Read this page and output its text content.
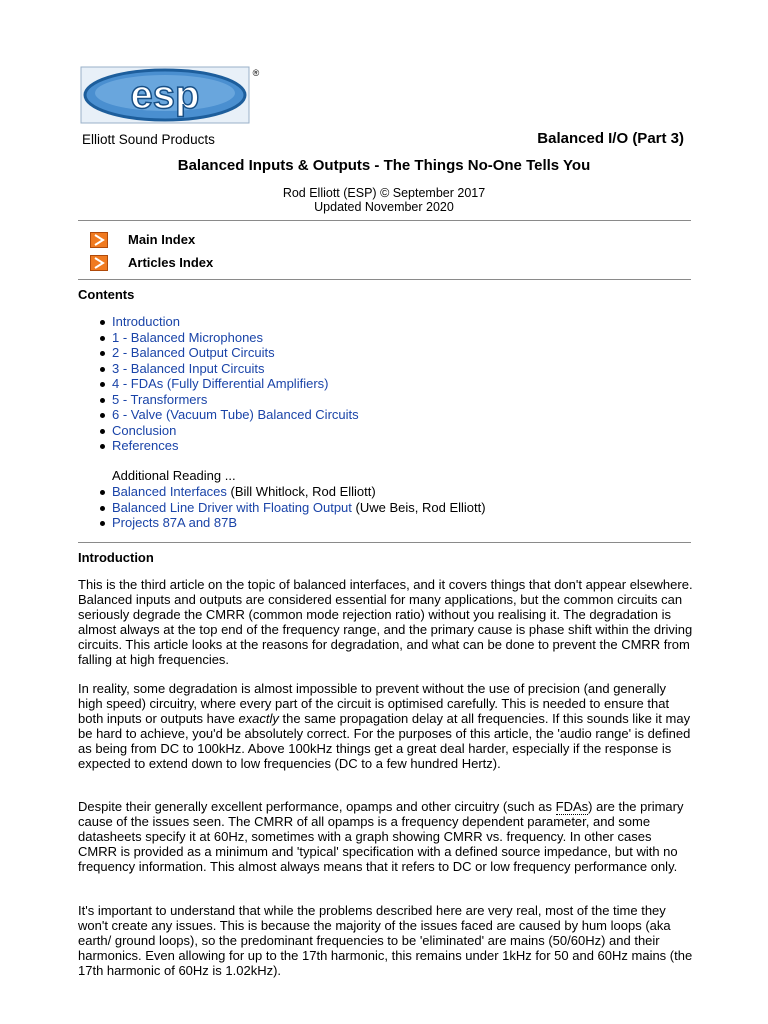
esp	®
Elliott Sound Products	Balanced I/O (Part 3)
Balanced Inputs & Outputs - The Things No-One Tells You
Rod Elliott (ESP) © September 2017
Updated November 2020
Main Index
Articles Index
Contents
Introduction
1 - Balanced Microphones
2 - Balanced Output Circuits
3 - Balanced Input Circuits
4 - FDAs (Fully Differential Amplifiers)
5 - Transformers
6 - Valve (Vacuum Tube) Balanced Circuits
Conclusion
References
Additional Reading ...
Balanced Interfaces (Bill Whitlock, Rod Elliott)
Balanced Line Driver with Floating Output (Uwe Beis, Rod Elliott)
Projects 87A and 87B
Introduction

This is the third article on the topic of balanced interfaces, and it covers things that don't appear elsewhere. Balanced inputs and outputs are considered essential for many applications, but the common circuits can seriously degrade the CMRR (common mode rejection ratio) without you realising it. The degradation is almost always at the top end of the frequency range, and the primary cause is phase shift within the driving circuits. This article looks at the reasons for degradation, and what can be done to prevent the CMRR from falling at high frequencies.

In reality, some degradation is almost impossible to prevent without the use of precision (and generally high speed) circuitry, where every part of the circuit is optimised carefully. This is needed to ensure that both inputs or outputs have exactly the same propagation delay at all frequencies. If this sounds like it may be hard to achieve, you'd be absolutely correct. For the purposes of this article, the 'audio range' is defined as being from DC to 100kHz. Above 100kHz things get a great deal harder, especially if the response is expected to extend down to low frequencies (DC to a few hundred Hertz).

Despite their generally excellent performance, opamps and other circuitry (such as FDAs) are the primary cause of the issues seen. The CMRR of all opamps is a frequency dependent parameter, and some datasheets specify it at 60Hz, sometimes with a graph showing CMRR vs. frequency. In other cases CMRR is provided as a minimum and 'typical' specification with a defined source impedance, but with no frequency information. This almost always means that it refers to DC or low frequency performance only.

It's important to understand that while the problems described here are very real, most of the time they won't create any issues. This is because the majority of the issues faced are caused by hum loops (aka earth/ ground loops), so the predominant frequencies to be 'eliminated' are mains (50/60Hz) and their harmonics. Even allowing for up to the 17th harmonic, this remains under 1kHz for 50 and 60Hz mains (the 17th harmonic of 60Hz is 1.02kHz).
